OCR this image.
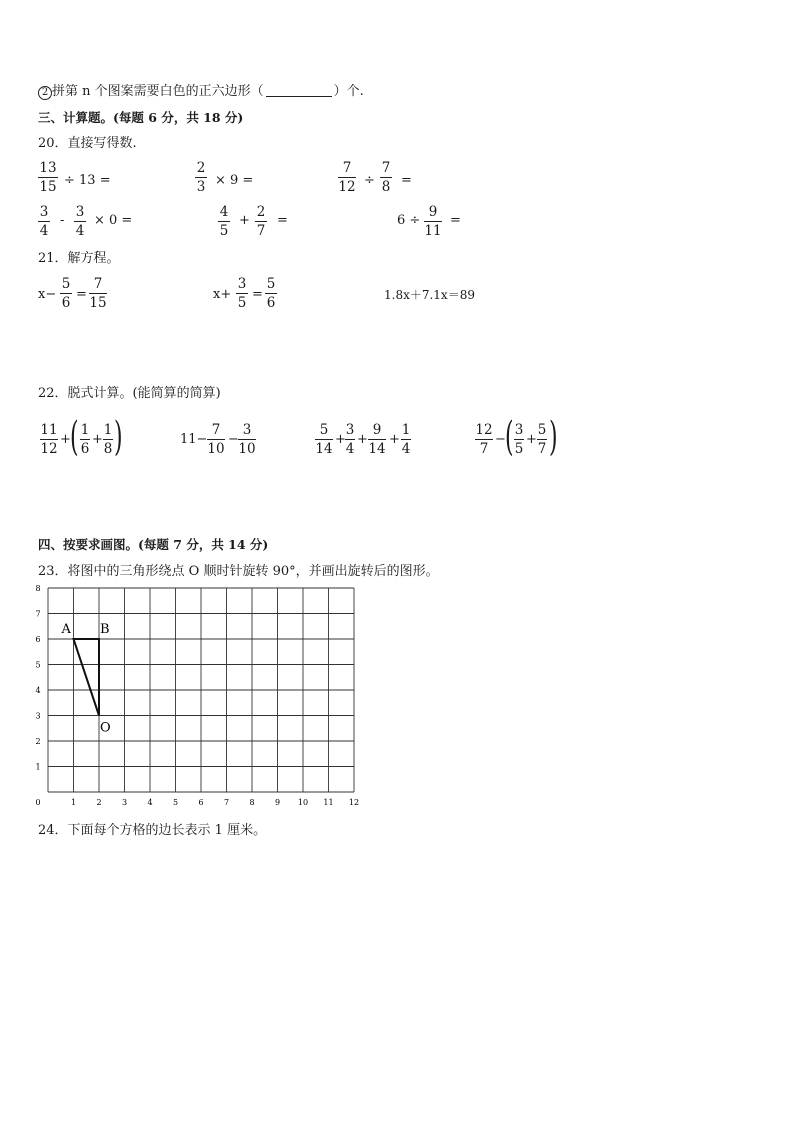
2 拼第 n 个图案需要白色的正六边形（	）个.
三、计算题。(每题 6 分，共 18 分)
20．直接写得数.
13
15 ÷ 13 =
2
3 × 9 =
7
12 ÷
7
8 =
3
4
-
3
4
× 0 =
4
5
+
2
7
=	6 ÷
9
11
=
21．解方程。
x−
5
6
=
7
15
x+
3
5
=
5
6	1.8x＋7.1x＝89
22．脱式计算。(能简算的简算)
11
12
+ ( 1
6
+
1
8 )	11−
7
10
−
3
10
5
14
+
3
4
+
9
14
+
1
4
12
7
− ( 3
5
+
5
7 )
四、按要求画图。(每题 7 分，共 14 分)
23．将图中的三角形绕点 O 顺时针旋转 90°，并画出旋转后的图形。
0	1	2	3	4	5	6	7	8	9 10 11 12
1
2
3
4
5
6
7
8
A B
O
24．下面每个方格的边长表示 1 厘米。
